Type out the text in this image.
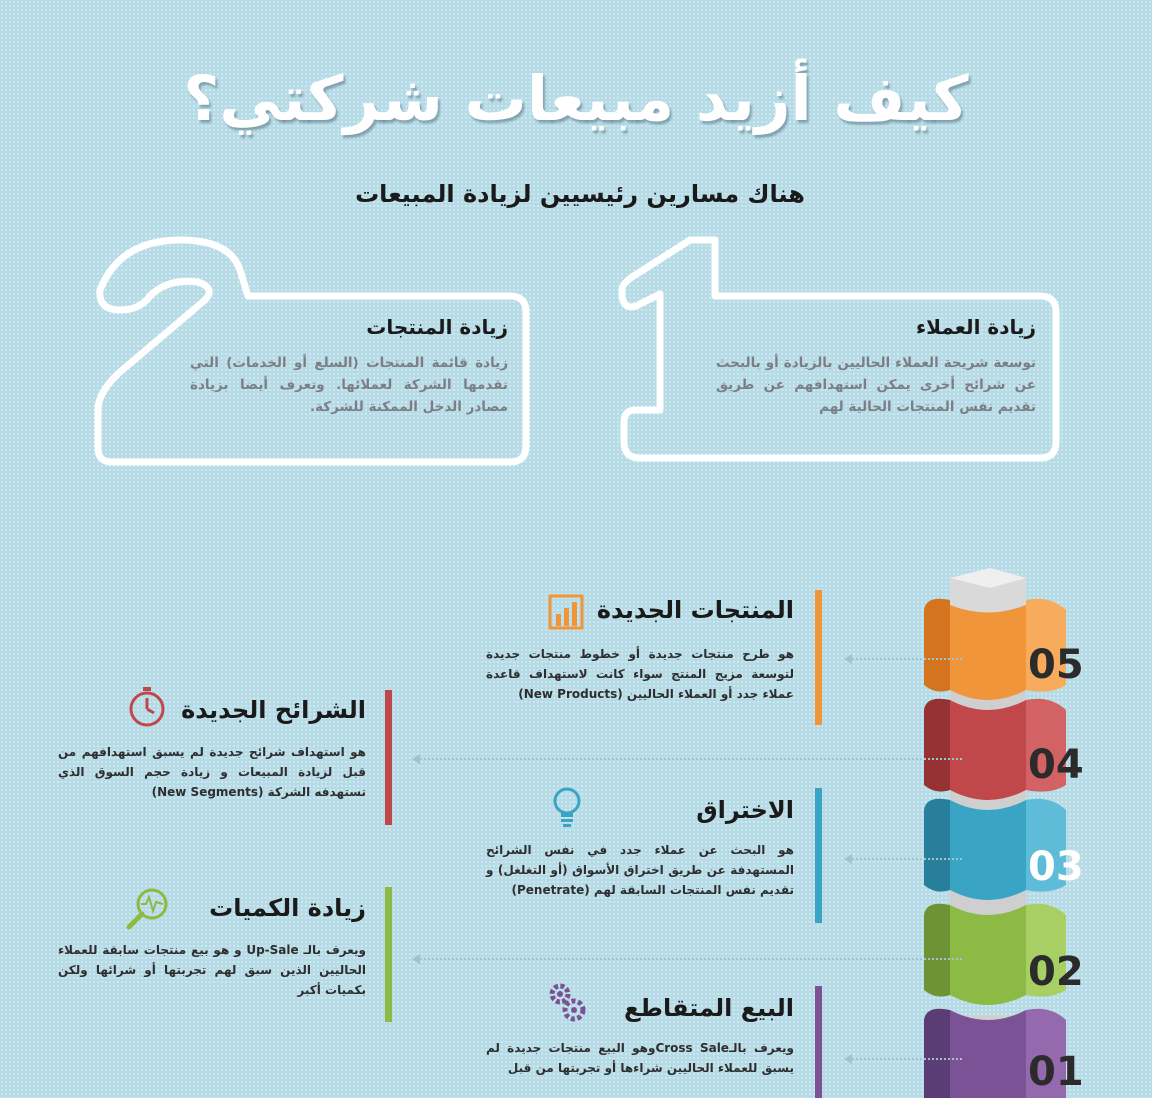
كيف أزيد مبيعات شركتي؟
هناك مسارين رئيسيين لزيادة المبيعات
زيادة العملاء
توسعة شريحة العملاء الحاليين بالزيادة أو بالبحث عن شرائح أخرى يمكن استهدافهم عن طريق تقديم نفس المنتجات الحالية لهم
زيادة المنتجات
زيادة قائمة المنتجات (السلع أو الخدمات) التي تقدمها الشركة لعملائها. وتعرف أيضا بزيادة مصادر الدخل الممكنة للشركة.
01
02
03
04
05
المنتجات الجديدة
هو طرح منتجات جديدة أو خطوط منتجات جديدة لتوسعة مزيج المنتج سواء كانت لاستهداف قاعدة عملاء جدد أو العملاء الحاليين (New Products)
الشرائح الجديدة
هو استهداف شرائح جديدة لم يسبق استهدافهم من قبل لزيادة المبيعات و زيادة حجم السوق الذي تستهدفه الشركة (New Segments)
الاختراق
هو البحث عن عملاء جدد في نفس الشرائح المستهدفة عن طريق اختراق الأسواق (أو التغلغل) و تقديم نفس المنتجات السابقة لهم (Penetrate)
زيادة الكميات
ويعرف بالـ Up-Sale و هو بيع منتجات سابقة للعملاء الحاليين الذين سبق لهم تجربتها أو شرائها ولكن بكميات أكبر
البيع المتقاطع
ويعرف بالـCross Saleوهو البيع منتجات جديدة لم يسبق للعملاء الحاليين شراءها أو تجربتها من قبل
